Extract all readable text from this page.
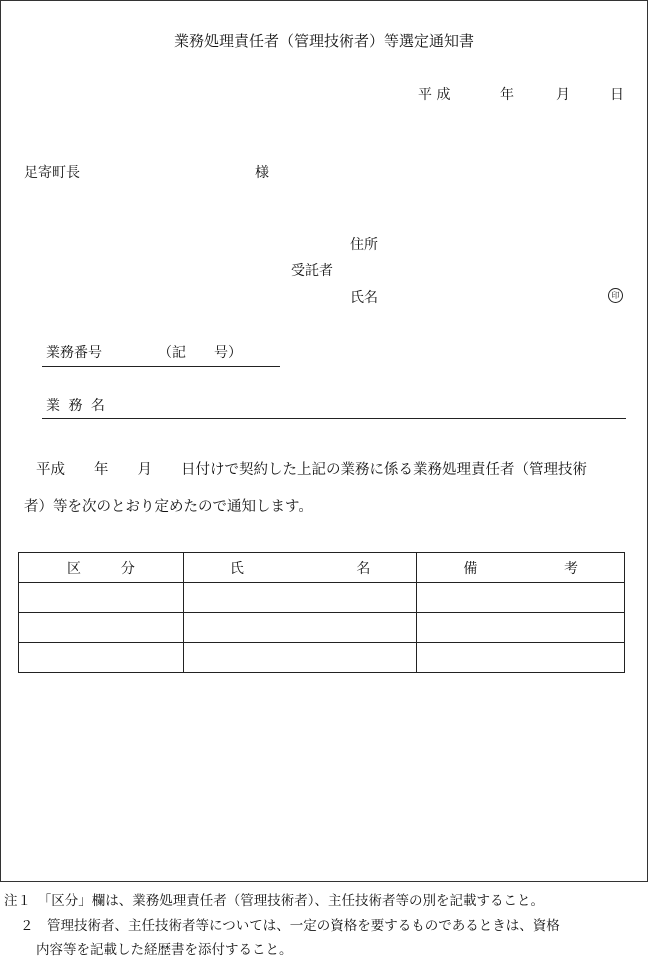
業務処理責任者（管理技術者）等選定通知書
平 成	年	月	日
足寄町長	様
住所
受託者
氏名	印
業務番号	（記　　号）
業 務 名
平成　　年　　月　　日付けで契約した上記の業務に係る業務処理責任者（管理技術
者）等を次のとおり定めたので通知します。
区 分	氏 名	備 考

注１　「区分」欄は、業務処理責任者（管理技術者）、主任技術者等の別を記載すること。
２　管理技術者、主任技術者等については、一定の資格を要するものであるときは、資格
内容等を記載した経歴書を添付すること。
